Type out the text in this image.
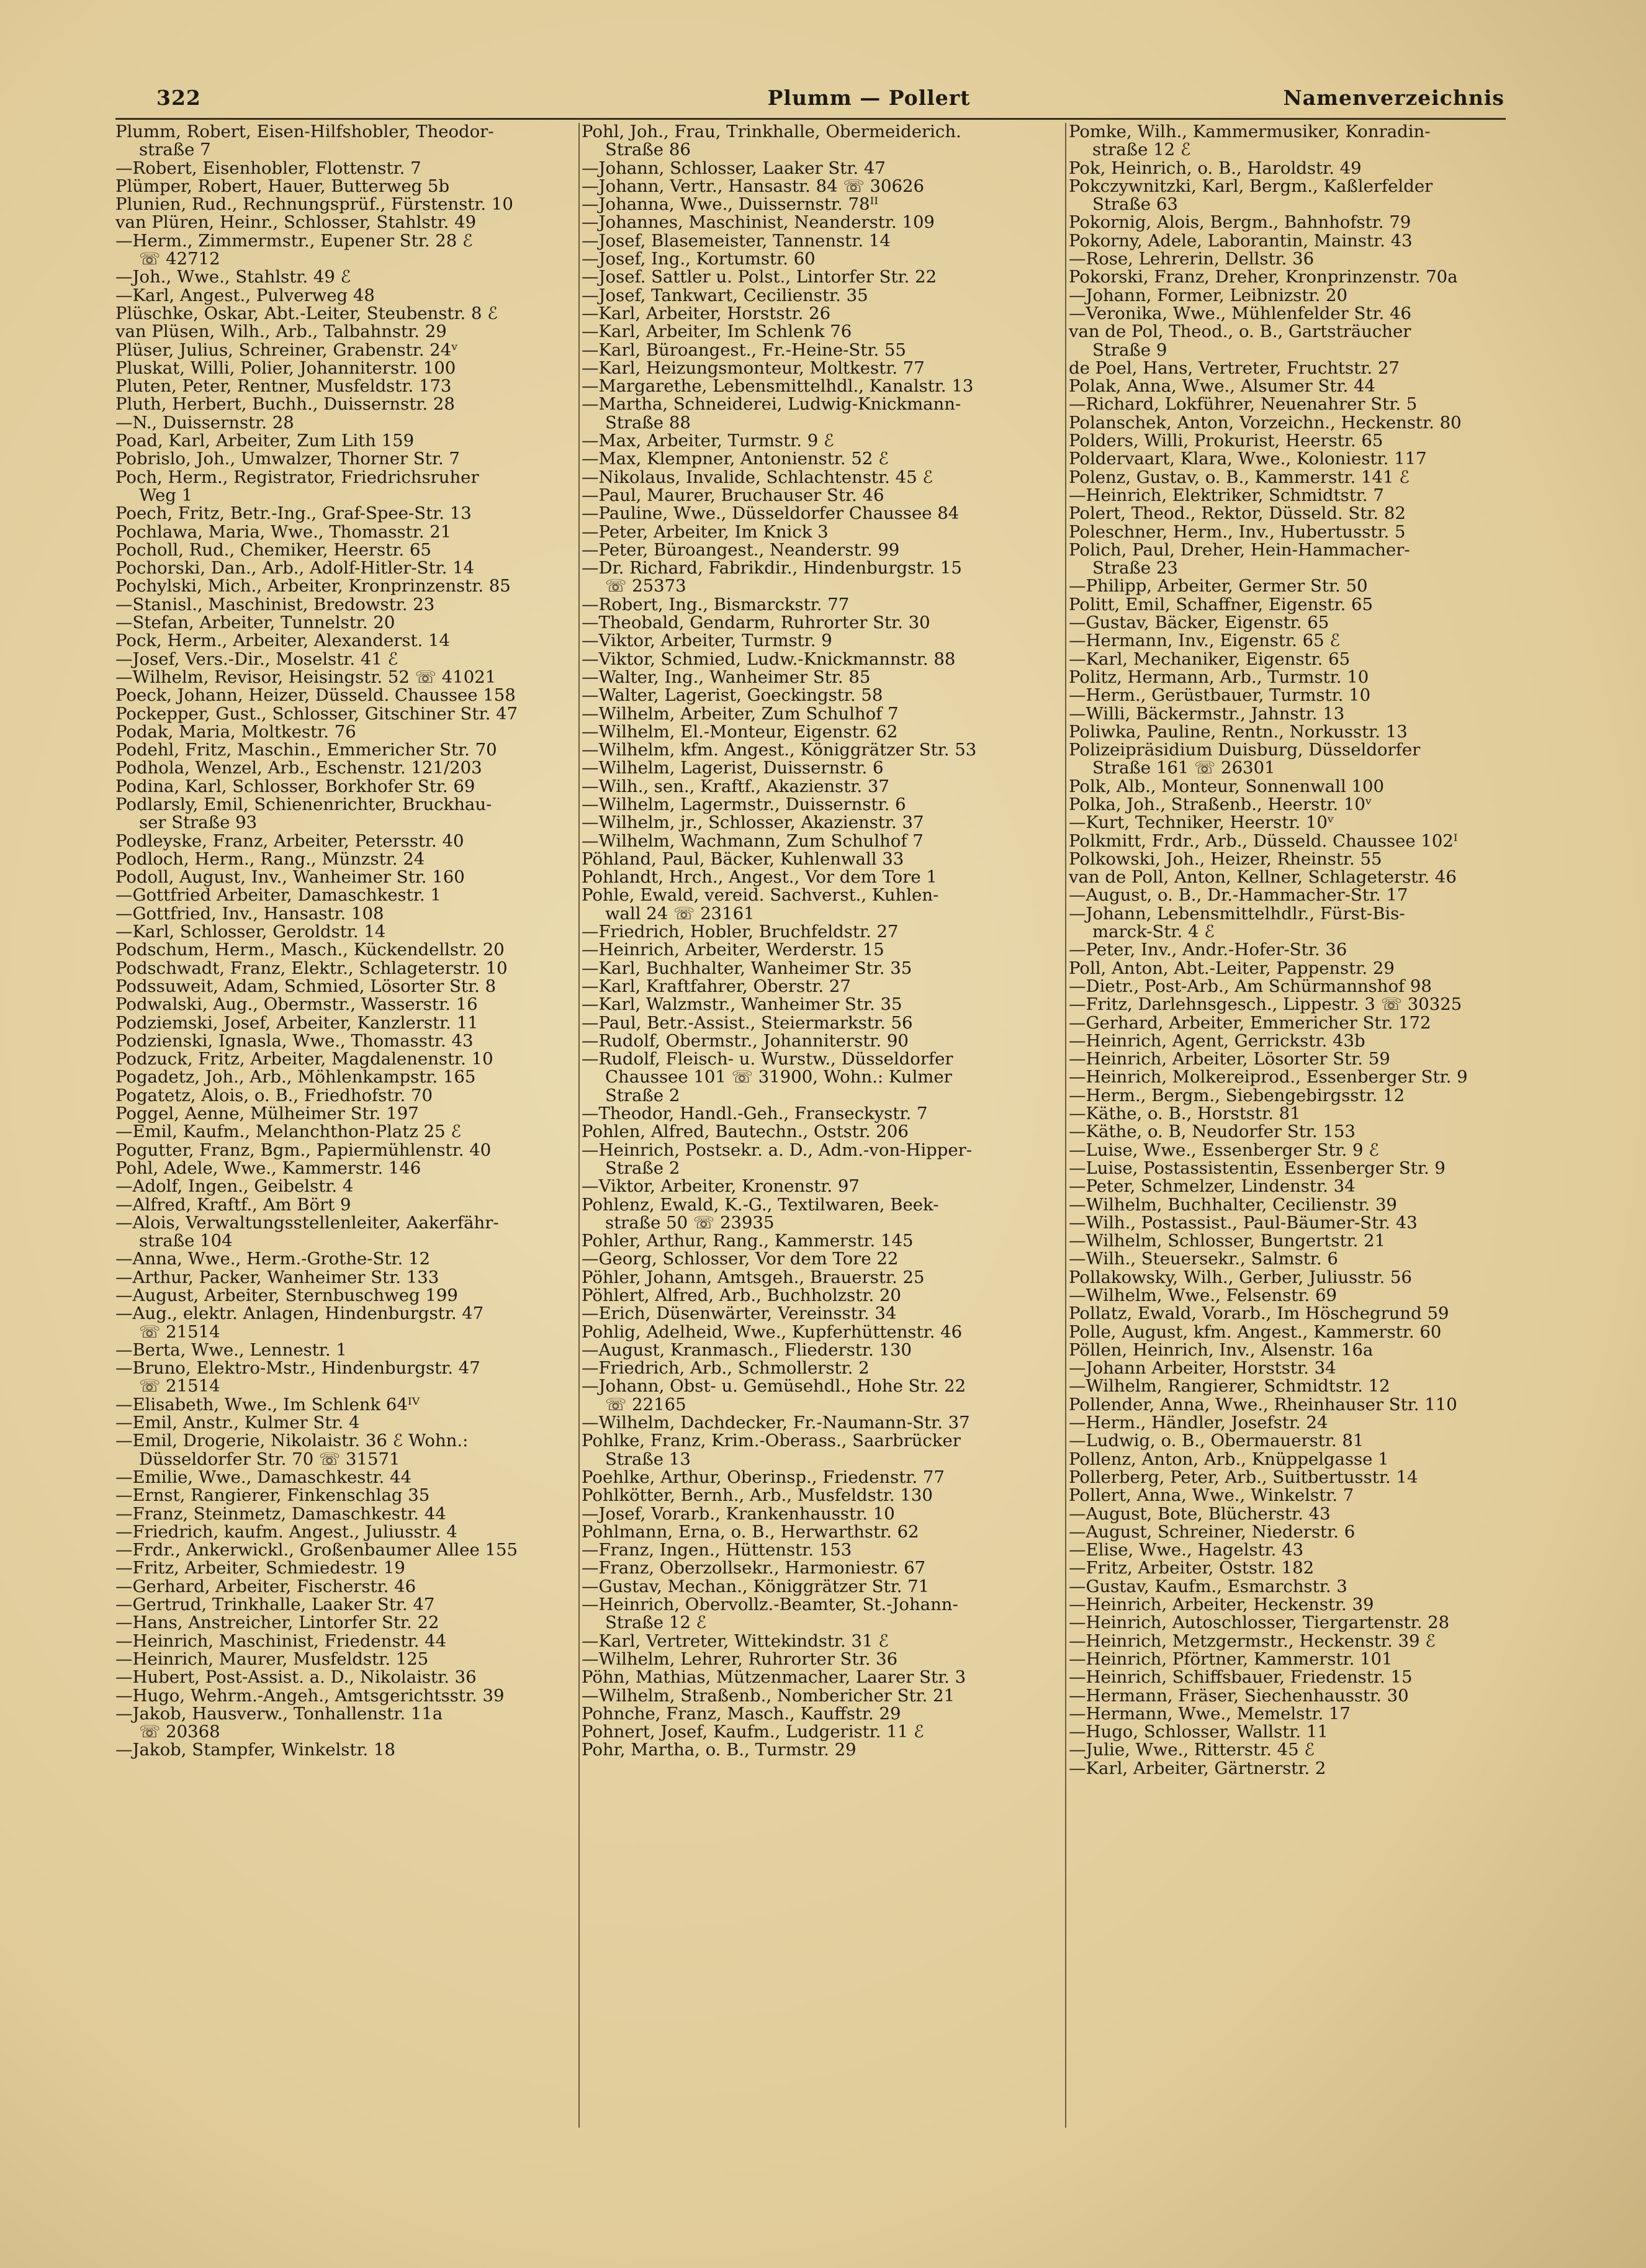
322	Plumm — Pollert	Namenverzeichnis
Plumm, Robert, Eisen-Hilfshobler, Theodor-
straße 7
—Robert, Eisenhobler, Flottenstr. 7
Plümper, Robert, Hauer, Butterweg 5b
Plunien, Rud., Rechnungsprüf., Fürstenstr. 10
van Plüren, Heinr., Schlosser, Stahlstr. 49
—Herm., Zimmermstr., Eupener Str. 28 ℰ
☏ 42712
—Joh., Wwe., Stahlstr. 49 ℰ
—Karl, Angest., Pulverweg 48
Plüschke, Oskar, Abt.-Leiter, Steubenstr. 8 ℰ
van Plüsen, Wilh., Arb., Talbahnstr. 29
Plüser, Julius, Schreiner, Grabenstr. 24ᵛ
Pluskat, Willi, Polier, Johanniterstr. 100
Pluten, Peter, Rentner, Musfeldstr. 173
Pluth, Herbert, Buchh., Duissernstr. 28
—N., Duissernstr. 28
Poad, Karl, Arbeiter, Zum Lith 159
Pobrislo, Joh., Umwalzer, Thorner Str. 7
Poch, Herm., Registrator, Friedrichsruher
Weg 1
Poech, Fritz, Betr.-Ing., Graf-Spee-Str. 13
Pochlawa, Maria, Wwe., Thomasstr. 21
Pocholl, Rud., Chemiker, Heerstr. 65
Pochorski, Dan., Arb., Adolf-Hitler-Str. 14
Pochylski, Mich., Arbeiter, Kronprinzenstr. 85
—Stanisl., Maschinist, Bredowstr. 23
—Stefan, Arbeiter, Tunnelstr. 20
Pock, Herm., Arbeiter, Alexanderst. 14
—Josef, Vers.-Dir., Moselstr. 41 ℰ
—Wilhelm, Revisor, Heisingstr. 52 ☏ 41021
Poeck, Johann, Heizer, Düsseld. Chaussee 158
Pockepper, Gust., Schlosser, Gitschiner Str. 47
Podak, Maria, Moltkestr. 76
Podehl, Fritz, Maschin., Emmericher Str. 70
Podhola, Wenzel, Arb., Eschenstr. 121/203
Podina, Karl, Schlosser, Borkhofer Str. 69
Podlarsly, Emil, Schienenrichter, Bruckhau-
ser Straße 93
Podleyske, Franz, Arbeiter, Petersstr. 40
Podloch, Herm., Rang., Münzstr. 24
Podoll, August, Inv., Wanheimer Str. 160
—Gottfried Arbeiter, Damaschkestr. 1
—Gottfried, Inv., Hansastr. 108
—Karl, Schlosser, Geroldstr. 14
Podschum, Herm., Masch., Kückendellstr. 20
Podschwadt, Franz, Elektr., Schlageterstr. 10
Podssuweit, Adam, Schmied, Lösorter Str. 8
Podwalski, Aug., Obermstr., Wasserstr. 16
Podziemski, Josef, Arbeiter, Kanzlerstr. 11
Podzienski, Ignasla, Wwe., Thomasstr. 43
Podzuck, Fritz, Arbeiter, Magdalenenstr. 10
Pogadetz, Joh., Arb., Möhlenkampstr. 165
Pogatetz, Alois, o. B., Friedhofstr. 70
Poggel, Aenne, Mülheimer Str. 197
—Emil, Kaufm., Melanchthon-Platz 25 ℰ
Pogutter, Franz, Bgm., Papiermühlenstr. 40
Pohl, Adele, Wwe., Kammerstr. 146
—Adolf, Ingen., Geibelstr. 4
—Alfred, Kraftf., Am Bört 9
—Alois, Verwaltungsstellenleiter, Aakerfähr-
straße 104
—Anna, Wwe., Herm.-Grothe-Str. 12
—Arthur, Packer, Wanheimer Str. 133
—August, Arbeiter, Sternbuschweg 199
—Aug., elektr. Anlagen, Hindenburgstr. 47
☏ 21514
—Berta, Wwe., Lennestr. 1
—Bruno, Elektro-Mstr., Hindenburgstr. 47
☏ 21514
—Elisabeth, Wwe., Im Schlenk 64ᴵⱽ
—Emil, Anstr., Kulmer Str. 4
—Emil, Drogerie, Nikolaistr. 36 ℰ Wohn.:
Düsseldorfer Str. 70 ☏ 31571
—Emilie, Wwe., Damaschkestr. 44
—Ernst, Rangierer, Finkenschlag 35
—Franz, Steinmetz, Damaschkestr. 44
—Friedrich, kaufm. Angest., Juliusstr. 4
—Frdr., Ankerwickl., Großenbaumer Allee 155
—Fritz, Arbeiter, Schmiedestr. 19
—Gerhard, Arbeiter, Fischerstr. 46
—Gertrud, Trinkhalle, Laaker Str. 47
—Hans, Anstreicher, Lintorfer Str. 22
—Heinrich, Maschinist, Friedenstr. 44
—Heinrich, Maurer, Musfeldstr. 125
—Hubert, Post-Assist. a. D., Nikolaistr. 36
—Hugo, Wehrm.-Angeh., Amtsgerichtsstr. 39
—Jakob, Hausverw., Tonhallenstr. 11a
☏ 20368
—Jakob, Stampfer, Winkelstr. 18
Pohl, Joh., Frau, Trinkhalle, Obermeiderich.
Straße 86
—Johann, Schlosser, Laaker Str. 47
—Johann, Vertr., Hansastr. 84 ☏ 30626
—Johanna, Wwe., Duissernstr. 78ᴵᴵ
—Johannes, Maschinist, Neanderstr. 109
—Josef, Blasemeister, Tannenstr. 14
—Josef, Ing., Kortumstr. 60
—Josef. Sattler u. Polst., Lintorfer Str. 22
—Josef, Tankwart, Cecilienstr. 35
—Karl, Arbeiter, Horststr. 26
—Karl, Arbeiter, Im Schlenk 76
—Karl, Büroangest., Fr.-Heine-Str. 55
—Karl, Heizungsmonteur, Moltkestr. 77
—Margarethe, Lebensmittelhdl., Kanalstr. 13
—Martha, Schneiderei, Ludwig-Knickmann-
Straße 88
—Max, Arbeiter, Turmstr. 9 ℰ
—Max, Klempner, Antonienstr. 52 ℰ
—Nikolaus, Invalide, Schlachtenstr. 45 ℰ
—Paul, Maurer, Bruchauser Str. 46
—Pauline, Wwe., Düsseldorfer Chaussee 84
—Peter, Arbeiter, Im Knick 3
—Peter, Büroangest., Neanderstr. 99
—Dr. Richard, Fabrikdir., Hindenburgstr. 15
☏ 25373
—Robert, Ing., Bismarckstr. 77
—Theobald, Gendarm, Ruhrorter Str. 30
—Viktor, Arbeiter, Turmstr. 9
—Viktor, Schmied, Ludw.-Knickmannstr. 88
—Walter, Ing., Wanheimer Str. 85
—Walter, Lagerist, Goeckingstr. 58
—Wilhelm, Arbeiter, Zum Schulhof 7
—Wilhelm, El.-Monteur, Eigenstr. 62
—Wilhelm, kfm. Angest., Königgrätzer Str. 53
—Wilhelm, Lagerist, Duissernstr. 6
—Wilh., sen., Kraftf., Akazienstr. 37
—Wilhelm, Lagermstr., Duissernstr. 6
—Wilhelm, jr., Schlosser, Akazienstr. 37
—Wilhelm, Wachmann, Zum Schulhof 7
Pöhland, Paul, Bäcker, Kuhlenwall 33
Pohlandt, Hrch., Angest., Vor dem Tore 1
Pohle, Ewald, vereid. Sachverst., Kuhlen-
wall 24 ☏ 23161
—Friedrich, Hobler, Bruchfeldstr. 27
—Heinrich, Arbeiter, Werderstr. 15
—Karl, Buchhalter, Wanheimer Str. 35
—Karl, Kraftfahrer, Oberstr. 27
—Karl, Walzmstr., Wanheimer Str. 35
—Paul, Betr.-Assist., Steiermarkstr. 56
—Rudolf, Obermstr., Johanniterstr. 90
—Rudolf, Fleisch- u. Wurstw., Düsseldorfer
Chaussee 101 ☏ 31900, Wohn.: Kulmer
Straße 2
—Theodor, Handl.-Geh., Franseckystr. 7
Pohlen, Alfred, Bautechn., Oststr. 206
—Heinrich, Postsekr. a. D., Adm.-von-Hipper-
Straße 2
—Viktor, Arbeiter, Kronenstr. 97
Pohlenz, Ewald, K.-G., Textilwaren, Beek-
straße 50 ☏ 23935
Pohler, Arthur, Rang., Kammerstr. 145
—Georg, Schlosser, Vor dem Tore 22
Pöhler, Johann, Amtsgeh., Brauerstr. 25
Pöhlert, Alfred, Arb., Buchholzstr. 20
—Erich, Düsenwärter, Vereinsstr. 34
Pohlig, Adelheid, Wwe., Kupferhüttenstr. 46
—August, Kranmasch., Fliederstr. 130
—Friedrich, Arb., Schmollerstr. 2
—Johann, Obst- u. Gemüsehdl., Hohe Str. 22
☏ 22165
—Wilhelm, Dachdecker, Fr.-Naumann-Str. 37
Pohlke, Franz, Krim.-Oberass., Saarbrücker
Straße 13
Poehlke, Arthur, Oberinsp., Friedenstr. 77
Pohlkötter, Bernh., Arb., Musfeldstr. 130
—Josef, Vorarb., Krankenhausstr. 10
Pohlmann, Erna, o. B., Herwarthstr. 62
—Franz, Ingen., Hüttenstr. 153
—Franz, Oberzollsekr., Harmoniestr. 67
—Gustav, Mechan., Königgrätzer Str. 71
—Heinrich, Obervollz.-Beamter, St.-Johann-
Straße 12 ℰ
—Karl, Vertreter, Wittekindstr. 31 ℰ
—Wilhelm, Lehrer, Ruhrorter Str. 36
Pöhn, Mathias, Mützenmacher, Laarer Str. 3
—Wilhelm, Straßenb., Nombericher Str. 21
Pohnche, Franz, Masch., Kauffstr. 29
Pohnert, Josef, Kaufm., Ludgeristr. 11 ℰ
Pohr, Martha, o. B., Turmstr. 29
Pomke, Wilh., Kammermusiker, Konradin-
straße 12 ℰ
Pok, Heinrich, o. B., Haroldstr. 49
Pokczywnitzki, Karl, Bergm., Kaßlerfelder
Straße 63
Pokornig, Alois, Bergm., Bahnhofstr. 79
Pokorny, Adele, Laborantin, Mainstr. 43
—Rose, Lehrerin, Dellstr. 36
Pokorski, Franz, Dreher, Kronprinzenstr. 70a
—Johann, Former, Leibnizstr. 20
—Veronika, Wwe., Mühlenfelder Str. 46
van de Pol, Theod., o. B., Gartsträucher
Straße 9
de Poel, Hans, Vertreter, Fruchtstr. 27
Polak, Anna, Wwe., Alsumer Str. 44
—Richard, Lokführer, Neuenahrer Str. 5
Polanschek, Anton, Vorzeichn., Heckenstr. 80
Polders, Willi, Prokurist, Heerstr. 65
Poldervaart, Klara, Wwe., Koloniestr. 117
Polenz, Gustav, o. B., Kammerstr. 141 ℰ
—Heinrich, Elektriker, Schmidtstr. 7
Polert, Theod., Rektor, Düsseld. Str. 82
Poleschner, Herm., Inv., Hubertusstr. 5
Polich, Paul, Dreher, Hein-Hammacher-
Straße 23
—Philipp, Arbeiter, Germer Str. 50
Politt, Emil, Schaffner, Eigenstr. 65
—Gustav, Bäcker, Eigenstr. 65
—Hermann, Inv., Eigenstr. 65 ℰ
—Karl, Mechaniker, Eigenstr. 65
Politz, Hermann, Arb., Turmstr. 10
—Herm., Gerüstbauer, Turmstr. 10
—Willi, Bäckermstr., Jahnstr. 13
Poliwka, Pauline, Rentn., Norkusstr. 13
Polizeipräsidium Duisburg, Düsseldorfer
Straße 161 ☏ 26301
Polk, Alb., Monteur, Sonnenwall 100
Polka, Joh., Straßenb., Heerstr. 10ᵛ
—Kurt, Techniker, Heerstr. 10ᵛ
Polkmitt, Frdr., Arb., Düsseld. Chaussee 102ᴵ
Polkowski, Joh., Heizer, Rheinstr. 55
van de Poll, Anton, Kellner, Schlageterstr. 46
—August, o. B., Dr.-Hammacher-Str. 17
—Johann, Lebensmittelhdlr., Fürst-Bis-
marck-Str. 4 ℰ
—Peter, Inv., Andr.-Hofer-Str. 36
Poll, Anton, Abt.-Leiter, Pappenstr. 29
—Dietr., Post-Arb., Am Schürmannshof 98
—Fritz, Darlehnsgesch., Lippestr. 3 ☏ 30325
—Gerhard, Arbeiter, Emmericher Str. 172
—Heinrich, Agent, Gerrickstr. 43b
—Heinrich, Arbeiter, Lösorter Str. 59
—Heinrich, Molkereiprod., Essenberger Str. 9
—Herm., Bergm., Siebengebirgsstr. 12
—Käthe, o. B., Horststr. 81
—Käthe, o. B, Neudorfer Str. 153
—Luise, Wwe., Essenberger Str. 9 ℰ
—Luise, Postassistentin, Essenberger Str. 9
—Peter, Schmelzer, Lindenstr. 34
—Wilhelm, Buchhalter, Cecilienstr. 39
—Wilh., Postassist., Paul-Bäumer-Str. 43
—Wilhelm, Schlosser, Bungertstr. 21
—Wilh., Steuersekr., Salmstr. 6
Pollakowsky, Wilh., Gerber, Juliusstr. 56
—Wilhelm, Wwe., Felsenstr. 69
Pollatz, Ewald, Vorarb., Im Höschegrund 59
Polle, August, kfm. Angest., Kammerstr. 60
Pöllen, Heinrich, Inv., Alsenstr. 16a
—Johann Arbeiter, Horststr. 34
—Wilhelm, Rangierer, Schmidtstr. 12
Pollender, Anna, Wwe., Rheinhauser Str. 110
—Herm., Händler, Josefstr. 24
—Ludwig, o. B., Obermauerstr. 81
Pollenz, Anton, Arb., Knüppelgasse 1
Pollerberg, Peter, Arb., Suitbertusstr. 14
Pollert, Anna, Wwe., Winkelstr. 7
—August, Bote, Blücherstr. 43
—August, Schreiner, Niederstr. 6
—Elise, Wwe., Hagelstr. 43
—Fritz, Arbeiter, Oststr. 182
—Gustav, Kaufm., Esmarchstr. 3
—Heinrich, Arbeiter, Heckenstr. 39
—Heinrich, Autoschlosser, Tiergartenstr. 28
—Heinrich, Metzgermstr., Heckenstr. 39 ℰ
—Heinrich, Pförtner, Kammerstr. 101
—Heinrich, Schiffsbauer, Friedenstr. 15
—Hermann, Fräser, Siechenhausstr. 30
—Hermann, Wwe., Memelstr. 17
—Hugo, Schlosser, Wallstr. 11
—Julie, Wwe., Ritterstr. 45 ℰ
—Karl, Arbeiter, Gärtnerstr. 2
